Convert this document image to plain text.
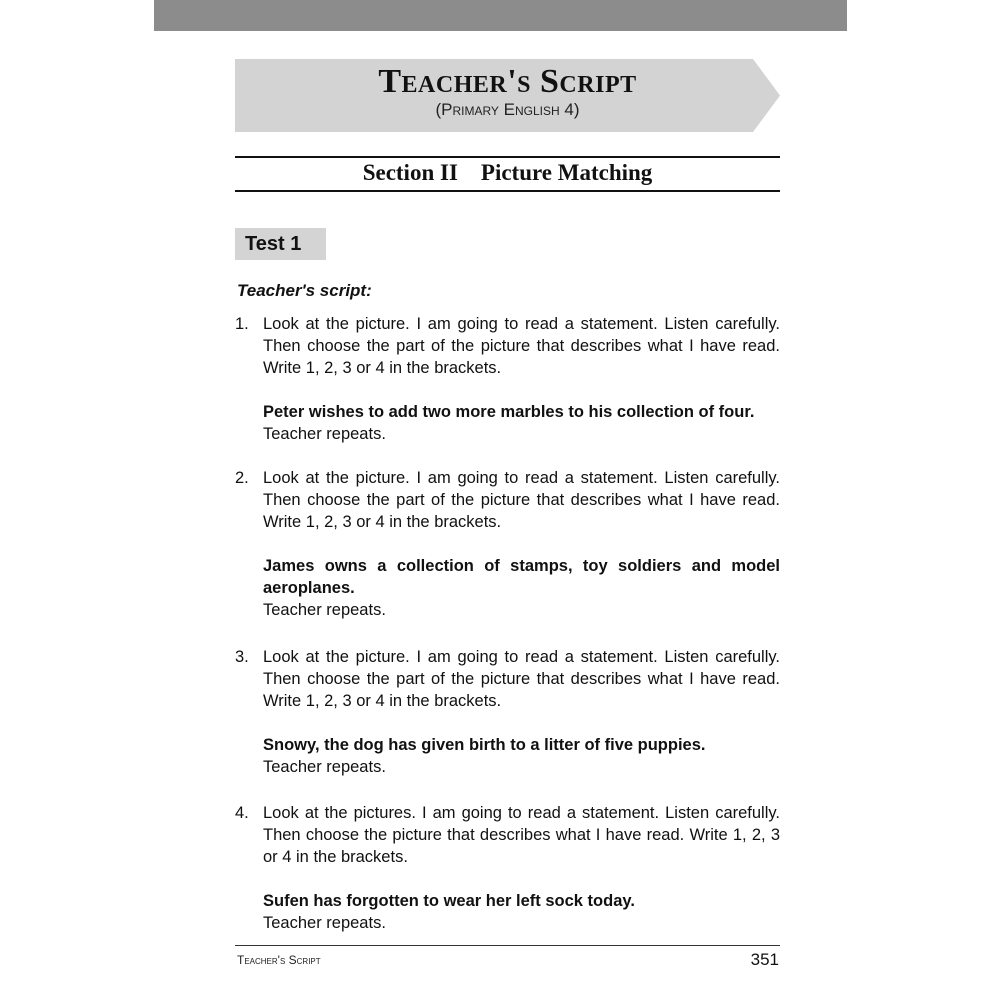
Teacher's Script
(Primary English 4)
Section II    Picture Matching
Test 1
Teacher's script:
1. Look at the picture. I am going to read a statement. Listen carefully. Then choose the part of the picture that describes what I have read. Write 1, 2, 3 or 4 in the brackets.
Peter wishes to add two more marbles to his collection of four.
Teacher repeats.
2. Look at the picture. I am going to read a statement. Listen carefully. Then choose the part of the picture that describes what I have read. Write 1, 2, 3 or 4 in the brackets.
James owns a collection of stamps, toy soldiers and model aeroplanes.
Teacher repeats.
3. Look at the picture. I am going to read a statement. Listen carefully. Then choose the part of the picture that describes what I have read. Write 1, 2, 3 or 4 in the brackets.
Snowy, the dog has given birth to a litter of five puppies.
Teacher repeats.
4. Look at the pictures. I am going to read a statement. Listen carefully. Then choose the picture that describes what I have read. Write 1, 2, 3 or 4 in the brackets.
Sufen has forgotten to wear her left sock today.
Teacher repeats.
Teacher's Script	351
